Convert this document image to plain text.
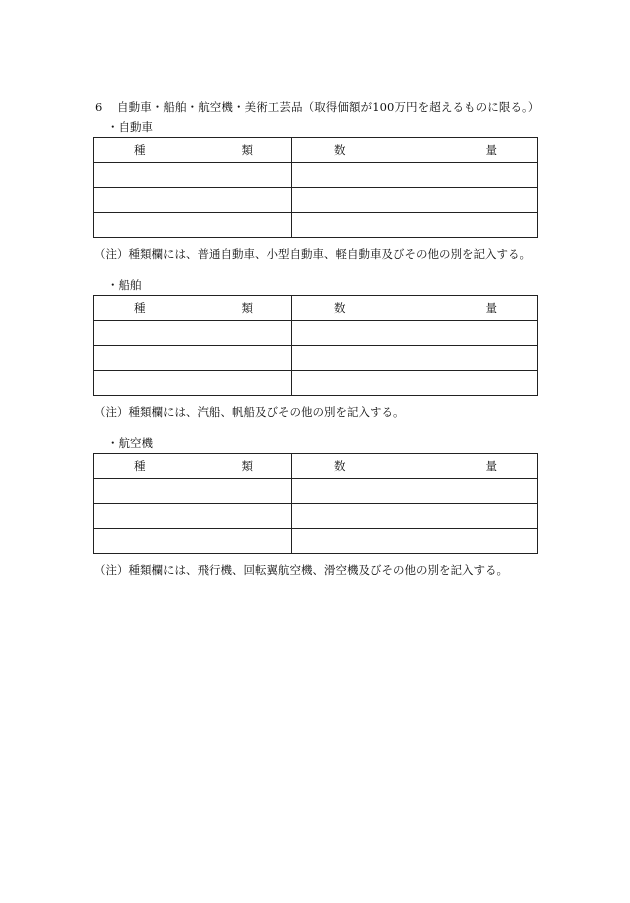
6 自動車・船舶・航空機・美術工芸品（取得価額が100万円を超えるものに限る。）
・自動車
種 類	数 量

（注）種類欄には、普通自動車、小型自動車、軽自動車及びその他の別を記入する。
・船舶
種 類	数 量

（注）種類欄には、汽船、帆船及びその他の別を記入する。
・航空機
種 類	数 量

（注）種類欄には、飛行機、回転翼航空機、滑空機及びその他の別を記入する。
